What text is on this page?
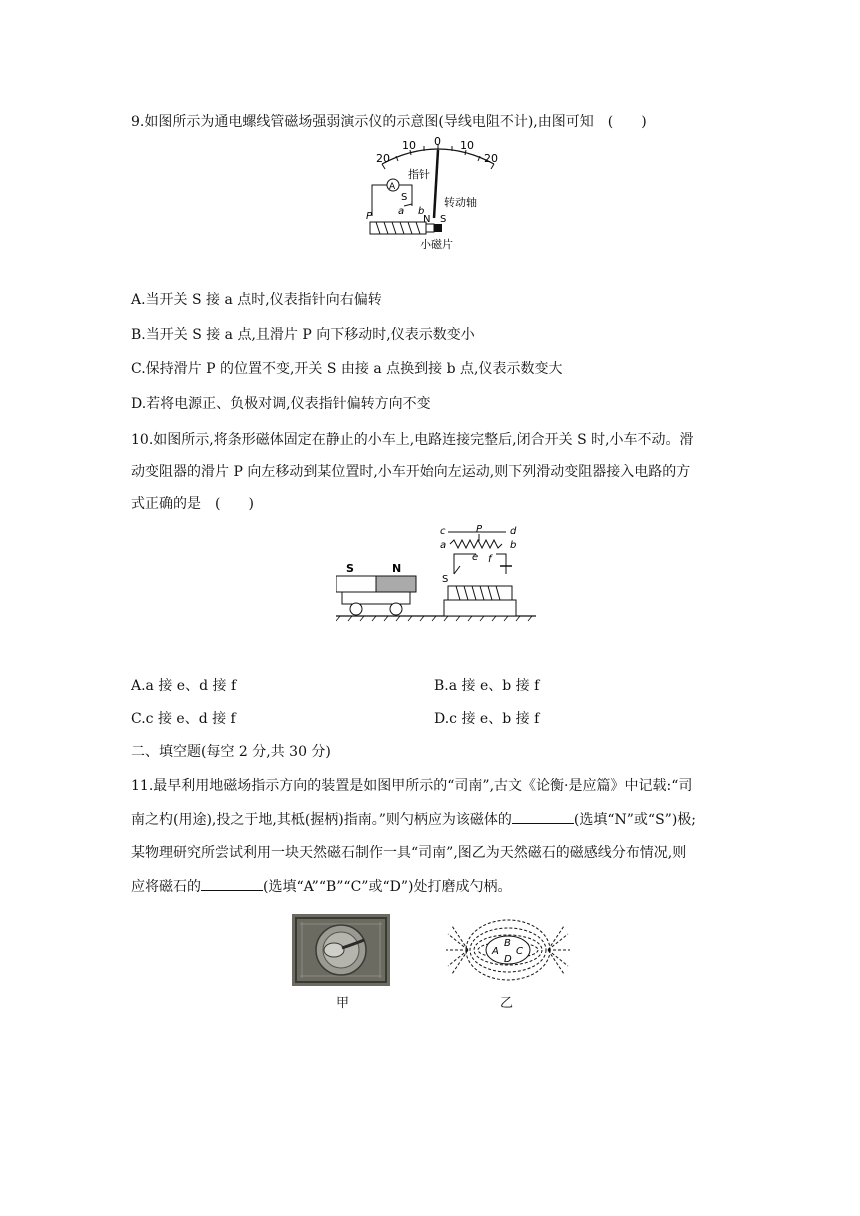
9.如图所示为通电螺线管磁场强弱演示仪的示意图(导线电阻不计),由图可知　(　　)
20
10 0 10
20
指针
转动轴
A
S
a b
P	N S
小磁片
A.当开关 S 接 a 点时,仪表指针向右偏转
B.当开关 S 接 a 点,且滑片 P 向下移动时,仪表示数变小
C.保持滑片 P 的位置不变,开关 S 由接 a 点换到接 b 点,仪表示数变大
D.若将电源正、负极对调,仪表指针偏转方向不变
10.如图所示,将条形磁体固定在静止的小车上,电路连接完整后,闭合开关 S 时,小车不动。滑
动变阻器的滑片 P 向左移动到某位置时,小车开始向左运动,则下列滑动变阻器接入电路的方
式正确的是　(　　)
S	N
c	P	d
a	b
e f
S
A.a 接 e、d 接 f	B.a 接 e、b 接 f
C.c 接 e、d 接 f	D.c 接 e、b 接 f
二、填空题(每空 2 分,共 30 分)
11.最早利用地磁场指示方向的装置是如图甲所示的“司南”,古文《论衡·是应篇》中记载:“司
南之杓(用途),投之于地,其柢(握柄)指南。”则勺柄应为该磁体的	(选填“N”或“S”)极;
某物理研究所尝试利用一块天然磁石制作一具“司南”,图乙为天然磁石的磁感线分布情况,则
应将磁石的	(选填“A”“B”“C”或“D”)处打磨成勺柄。
甲
A
B
C
D
乙
